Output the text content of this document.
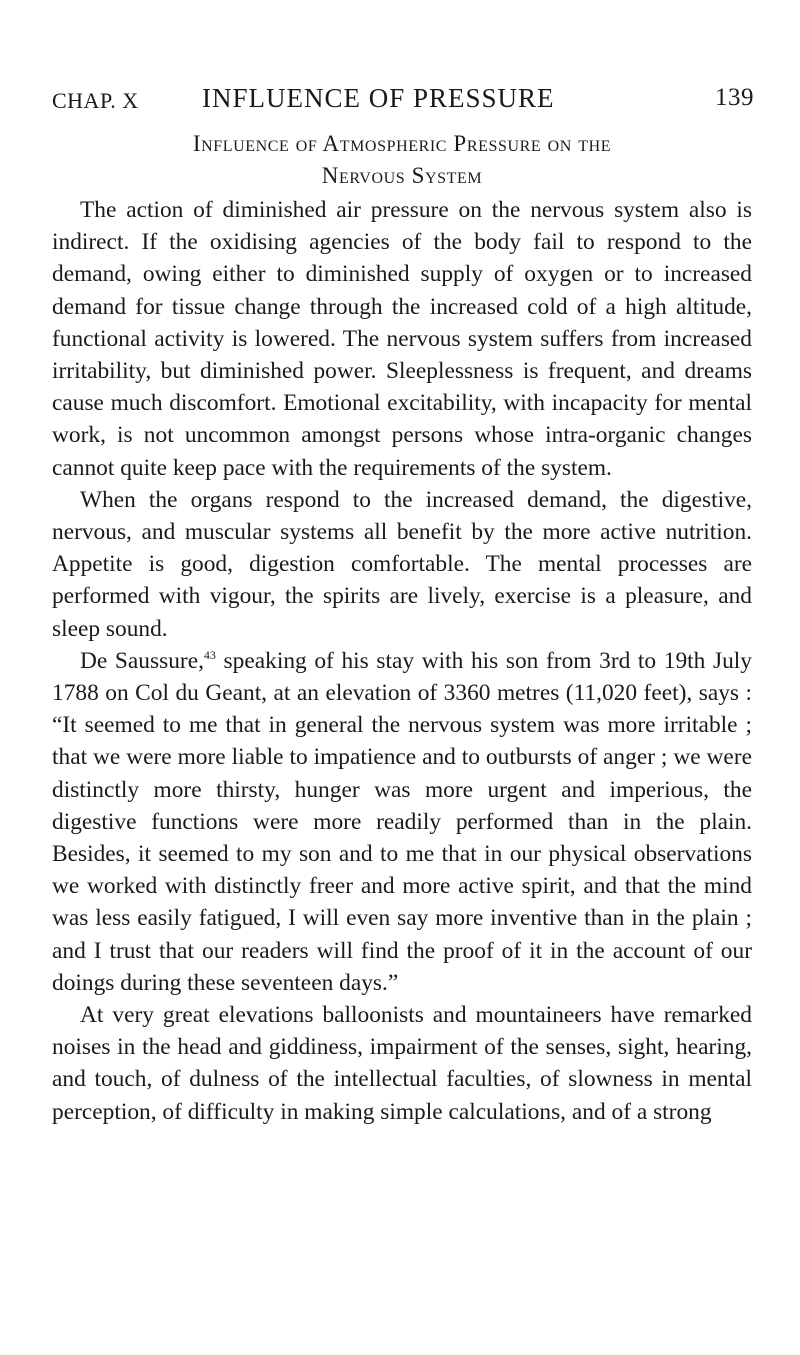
CHAP. X INFLUENCE OF PRESSURE	139
Influence of Atmospheric Pressure on the
Nervous System

The action of diminished air pressure on the nervous system also is indirect. If the oxidising agencies of the body fail to respond to the demand, owing either to diminished supply of oxygen or to increased demand for tissue change through the increased cold of a high altitude, functional activity is lowered. The nervous system suffers from increased irritability, but diminished power. Sleeplessness is frequent, and dreams cause much discomfort. Emotional excitability, with incapacity for mental work, is not uncommon amongst persons whose intra-organic changes cannot quite keep pace with the requirements of the system.

When the organs respond to the increased demand, the digestive, nervous, and muscular systems all benefit by the more active nutrition. Appetite is good, digestion comfortable. The mental processes are performed with vigour, the spirits are lively, exercise is a pleasure, and sleep sound.

De Saussure,$^{43}$ speaking of his stay with his son from 3rd to 19th July 1788 on Col du Geant, at an elevation of 3360 metres (11,020 feet), says : “It seemed to me that in general the nervous system was more irritable ; that we were more liable to impatience and to outbursts of anger ; we were distinctly more thirsty, hunger was more urgent and imperious, the digestive functions were more readily performed than in the plain. Besides, it seemed to my son and to me that in our physical observations we worked with distinctly freer and more active spirit, and that the mind was less easily fatigued, I will even say more inventive than in the plain ; and I trust that our readers will find the proof of it in the account of our doings during these seventeen days.”

At very great elevations balloonists and mountaineers have remarked noises in the head and giddiness, impairment of the senses, sight, hearing, and touch, of dulness of the intellectual faculties, of slowness in mental perception, of difficulty in making simple calculations, and of a strong
